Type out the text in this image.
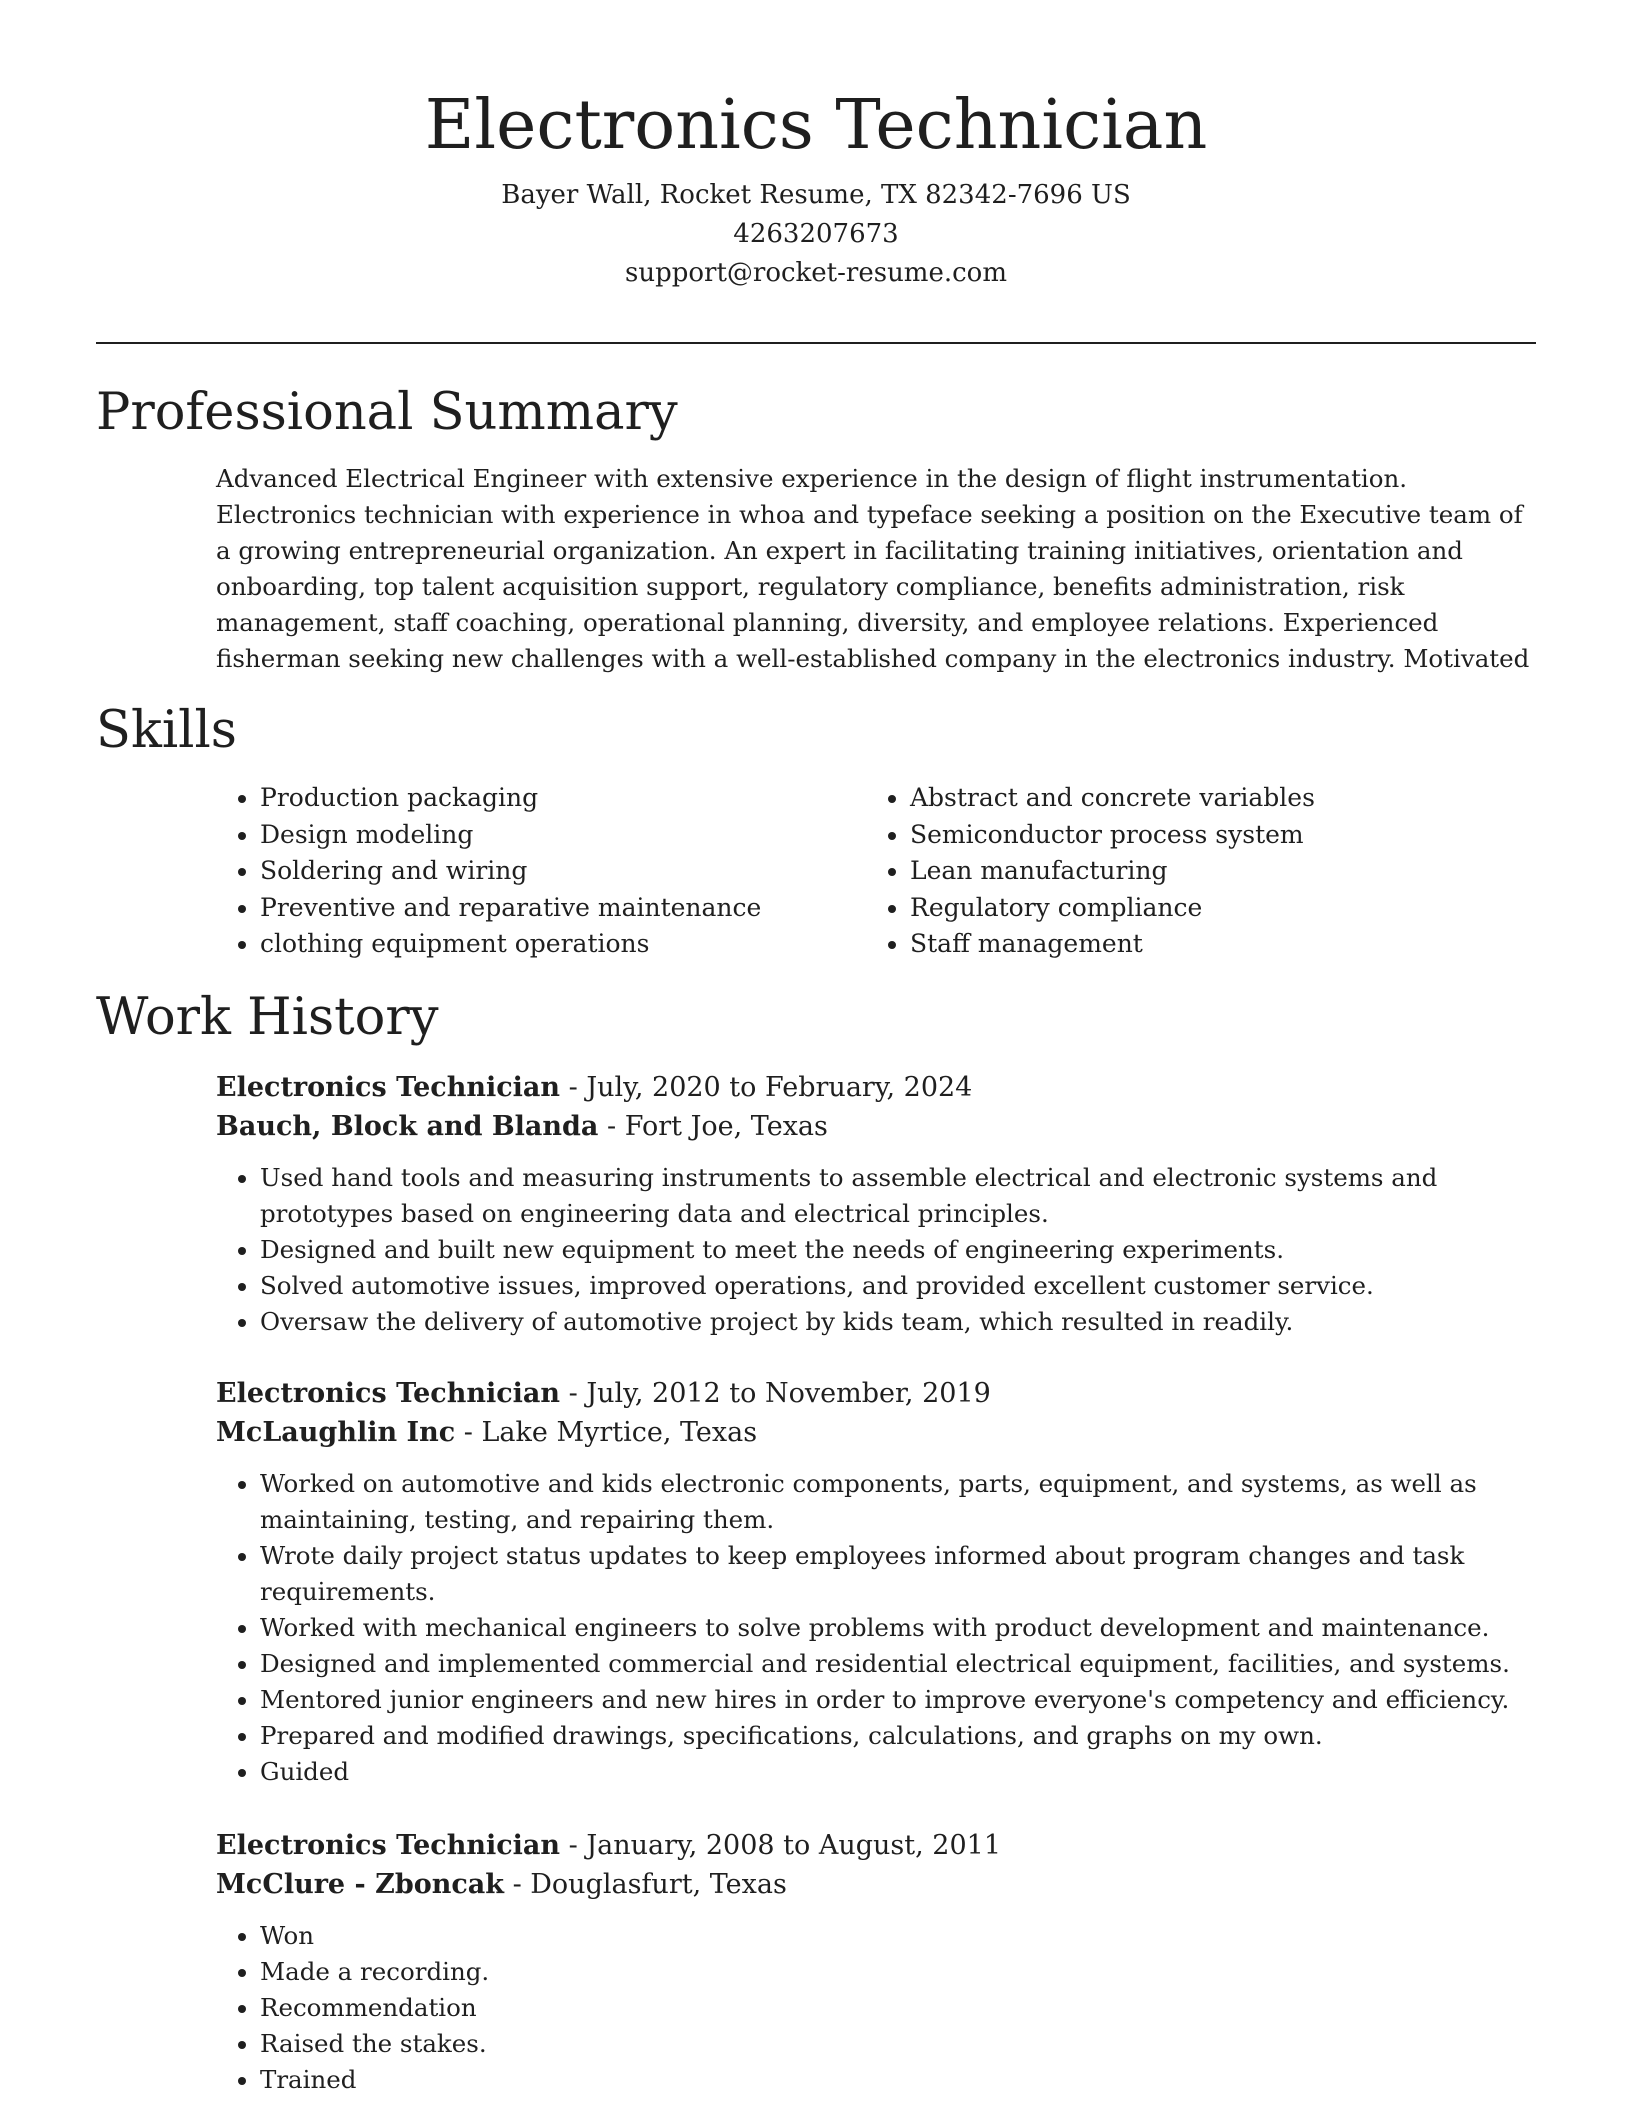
Electronics Technician

Bayer Wall, Rocket Resume, TX 82342-7696 US

4263207673

support@rocket-resume.com

Professional Summary

Advanced Electrical Engineer with extensive experience in the design of flight instrumentation. Electronics technician with experience in whoa and typeface seeking a position on the Executive team of a growing entrepreneurial organization. An expert in facilitating training initiatives, orientation and onboarding, top talent acquisition support, regulatory compliance, benefits administration, risk management, staff coaching, operational planning, diversity, and employee relations. Experienced fisherman seeking new challenges with a well-established company in the electronics industry. Motivated

Skills
• Production packaging
• Design modeling
• Soldering and wiring
• Preventive and reparative maintenance
• clothing equipment operations
• Abstract and concrete variables
• Semiconductor process system
• Lean manufacturing
• Regulatory compliance
• Staff management
Work History

Electronics Technician - July, 2020 to February, 2024

Bauch, Block and Blanda - Fort Joe, Texas

• Used hand tools and measuring instruments to assemble electrical and electronic systems and prototypes based on engineering data and electrical principles.
• Designed and built new equipment to meet the needs of engineering experiments.
• Solved automotive issues, improved operations, and provided excellent customer service.
• Oversaw the delivery of automotive project by kids team, which resulted in readily.

Electronics Technician - July, 2012 to November, 2019

McLaughlin Inc - Lake Myrtice, Texas

• Worked on automotive and kids electronic components, parts, equipment, and systems, as well as maintaining, testing, and repairing them.
• Wrote daily project status updates to keep employees informed about program changes and task requirements.
• Worked with mechanical engineers to solve problems with product development and maintenance.
• Designed and implemented commercial and residential electrical equipment, facilities, and systems.
• Mentored junior engineers and new hires in order to improve everyone's competency and efficiency.
• Prepared and modified drawings, specifications, calculations, and graphs on my own.
• Guided

Electronics Technician - January, 2008 to August, 2011

McClure - Zboncak - Douglasfurt, Texas

• Won
• Made a recording.
• Recommendation
• Raised the stakes.
• Trained
